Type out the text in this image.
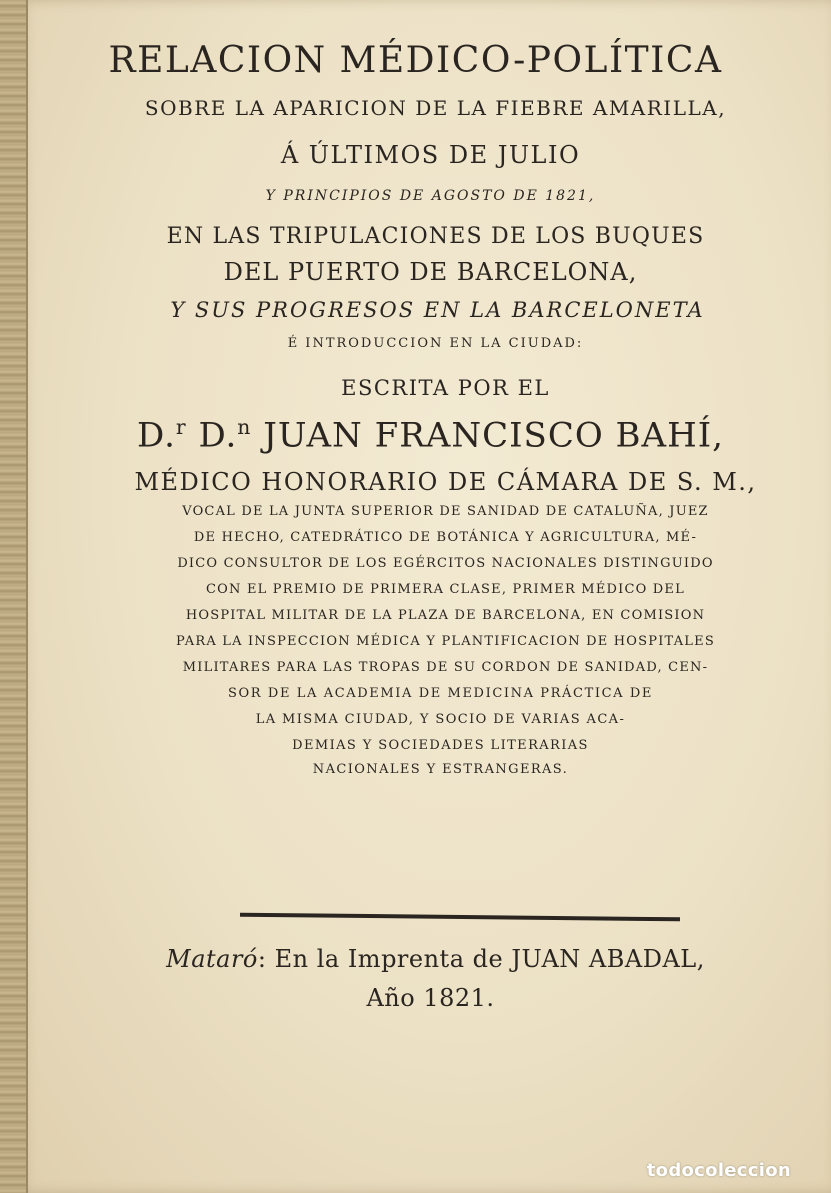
RELACION MÉDICO-POLÍTICA
SOBRE LA APARICION DE LA FIEBRE AMARILLA,
Á ÚLTIMOS DE JULIO
Y PRINCIPIOS DE AGOSTO DE 1821,
EN LAS TRIPULACIONES DE LOS BUQUES
DEL PUERTO DE BARCELONA,
Y SUS PROGRESOS EN LA BARCELONETA
É INTRODUCCION EN LA CIUDAD:
ESCRITA POR EL
D.$^r$ D.$^n$ JUAN FRANCISCO BAHÍ,
MÉDICO HONORARIO DE CÁMARA DE S. M.,
VOCAL DE LA JUNTA SUPERIOR DE SANIDAD DE CATALUÑA, JUEZ
DE HECHO, CATEDRÁTICO DE BOTÁNICA Y AGRICULTURA, MÉ-
DICO CONSULTOR DE LOS EGÉRCITOS NACIONALES DISTINGUIDO
CON EL PREMIO DE PRIMERA CLASE, PRIMER MÉDICO DEL
HOSPITAL MILITAR DE LA PLAZA DE BARCELONA, EN COMISION
PARA LA INSPECCION MÉDICA Y PLANTIFICACION DE HOSPITALES
MILITARES PARA LAS TROPAS DE SU CORDON DE SANIDAD, CEN-
SOR DE LA ACADEMIA DE MEDICINA PRÁCTICA DE
LA MISMA CIUDAD, Y SOCIO DE VARIAS ACA-
DEMIAS Y SOCIEDADES LITERARIAS
NACIONALES Y ESTRANGERAS.
Mataró: En la Imprenta de JUAN ABADAL,
Año 1821.
todocoleccion
